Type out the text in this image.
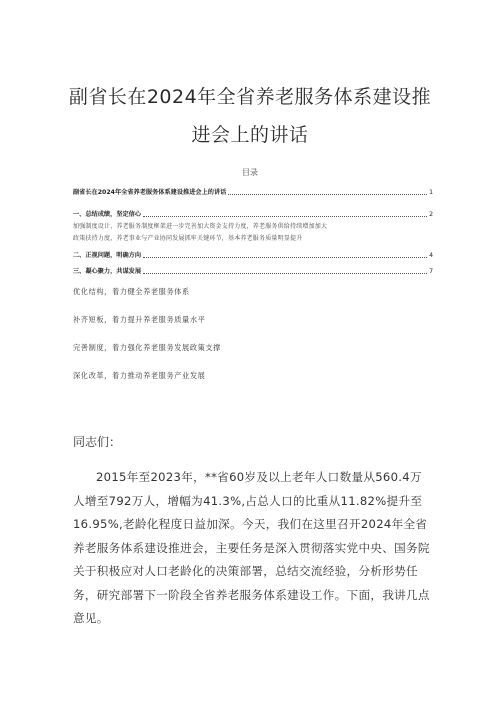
副省长在2024年全省养老服务体系建设推
进会上的讲话
目录
副省长在2024年全省养老服务体系建设推进会上的讲话	1
一、总结成绩，坚定信心	2
加强制度设计，养老服务制度框架进一步完善加大资金支持力度，养老服务供给持续增加加大
政策扶持力度，养老事业与产业协同发展抓牢关键环节，基本养老服务质量明显提升
二、正视问题，明确方向	4
三、凝心聚力，共谋发展	7
优化结构，着力健全养老服务体系
补齐短板，着力提升养老服务质量水平
完善制度，着力强化养老服务发展政策支撑
深化改革，着力推动养老服务产业发展
同志们：

2015年至2023年，**省60岁及以上老年人口数量从560.4万人增至792万人，增幅为41.3%,占总人口的比重从11.82%提升至16.95%,老龄化程度日益加深。今天，我们在这里召开2024年全省养老服务体系建设推进会，主要任务是深入贯彻落实党中央、国务院关于积极应对人口老龄化的决策部署，总结交流经验，分析形势任务，研究部署下一阶段全省养老服务体系建设工作。下面，我讲几点意见。
